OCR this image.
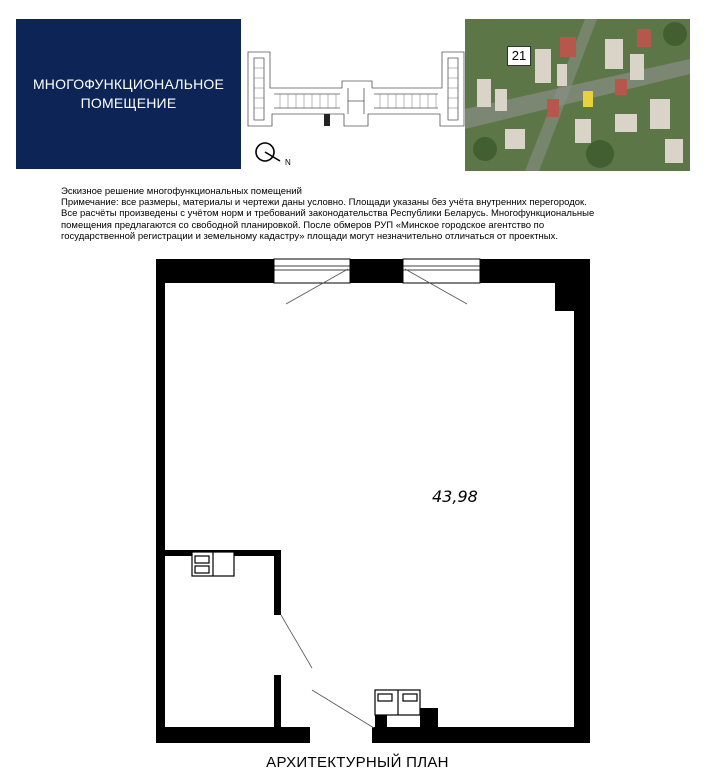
МНОГОФУНКЦИОНАЛЬНОЕ
ПОМЕЩЕНИЕ
N
21
Эскизное решение многофункциональных помещений
Примечание: все размеры, материалы и чертежи даны условно. Площади указаны без учёта внутренних перегородок.
Все расчёты произведены с учётом норм и требований законодательства Республики Беларусь. Многофункциональные
помещения предлагаются со свободной планировкой. После обмеров РУП «Минское городское агентство по
государственной регистрации и земельному кадастру» площади могут незначительно отличаться от проектных.
43,98
АРХИТЕКТУРНЫЙ ПЛАН
